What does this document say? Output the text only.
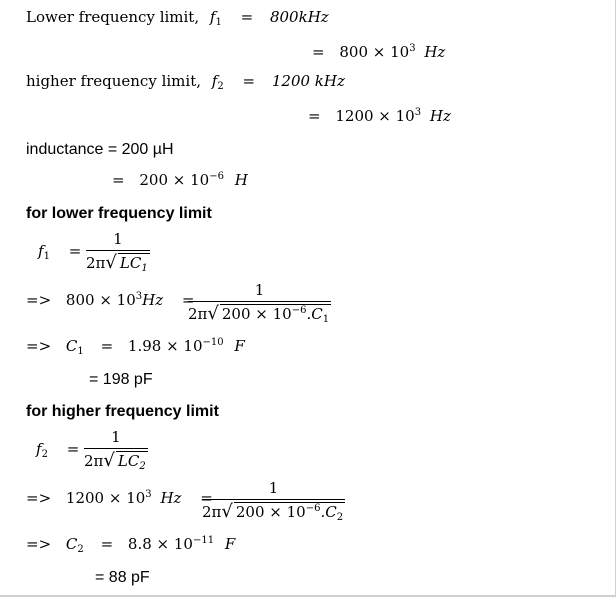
Lower frequency limit, $f_1 = 800kHz$
= $800 \times 10^3$ Hz
higher frequency limit, $f_2 = 1200$ kHz
= $1200 \times 10^3$ Hz
inductance = 200 µH
= $200 \times 10^{-6}$ H
for lower frequency limit
$f_1$ =
1
2π√ $LC_1$
=> $800 \times 10^3Hz$ =
1
2π√ $200 \times 10^{-6}.C_1$
=> $C_1 = 1.98 \times 10^{-10}$ F
= 198 pF
for higher frequency limit
$f_2$ =
1
2π√ $LC_2$
=> $1200 \times 10^3$ Hz =
1
2π√ $200 \times 10^{-6}.C_2$
=> $C_2 = 8.8 \times 10^{-11}$ F
= 88 pF
